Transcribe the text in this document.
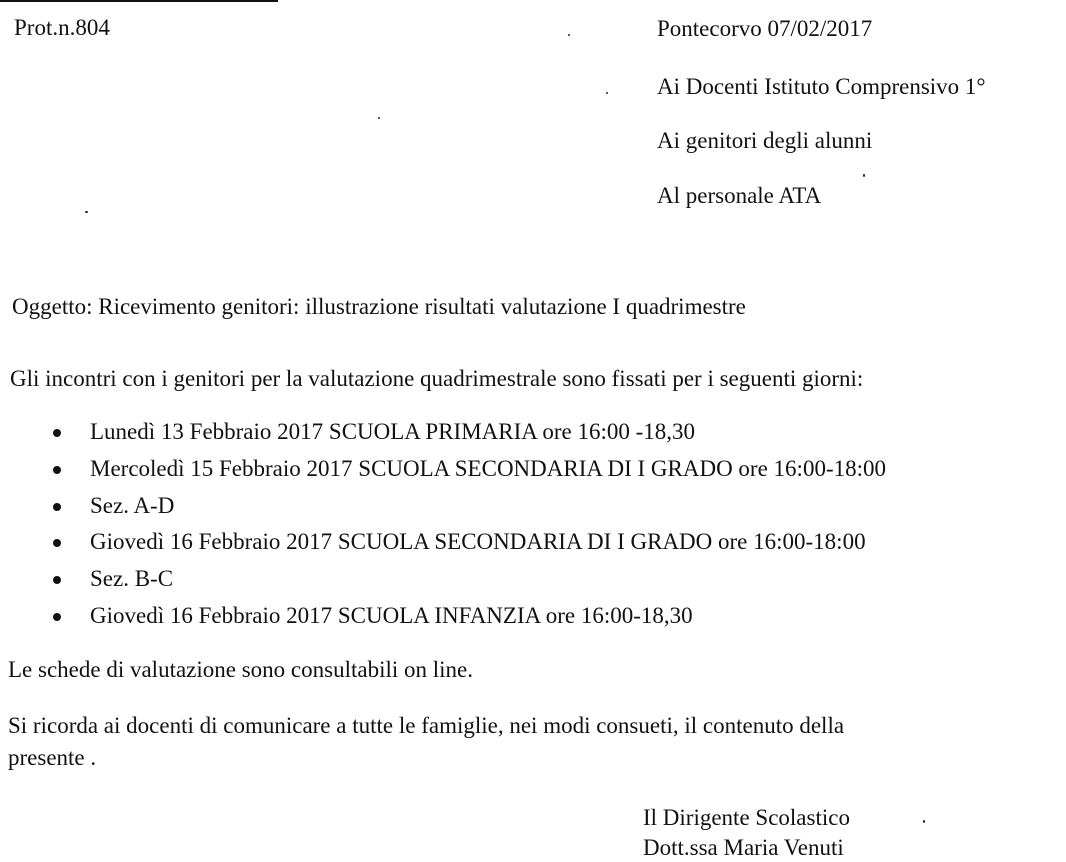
Prot.n.804	Pontecorvo 07/02/2017
Ai Docenti Istituto Comprensivo 1°
Ai genitori degli alunni
Al personale ATA
Oggetto: Ricevimento genitori: illustrazione risultati valutazione I quadrimestre
Gli incontri con i genitori per la valutazione quadrimestrale sono fissati per i seguenti giorni:
Lunedì 13 Febbraio 2017 SCUOLA PRIMARIA ore 16:00 -18,30
Mercoledì 15 Febbraio 2017 SCUOLA SECONDARIA DI I GRADO ore 16:00-18:00
Sez. A-D
Giovedì 16 Febbraio 2017 SCUOLA SECONDARIA DI I GRADO ore 16:00-18:00
Sez. B-C
Giovedì 16 Febbraio 2017 SCUOLA INFANZIA ore 16:00-18,30
Le schede di valutazione sono consultabili on line.
Si ricorda ai docenti di comunicare a tutte le famiglie, nei modi consueti, il contenuto della
presente .
Il Dirigente Scolastico
Dott.ssa Maria Venuti
